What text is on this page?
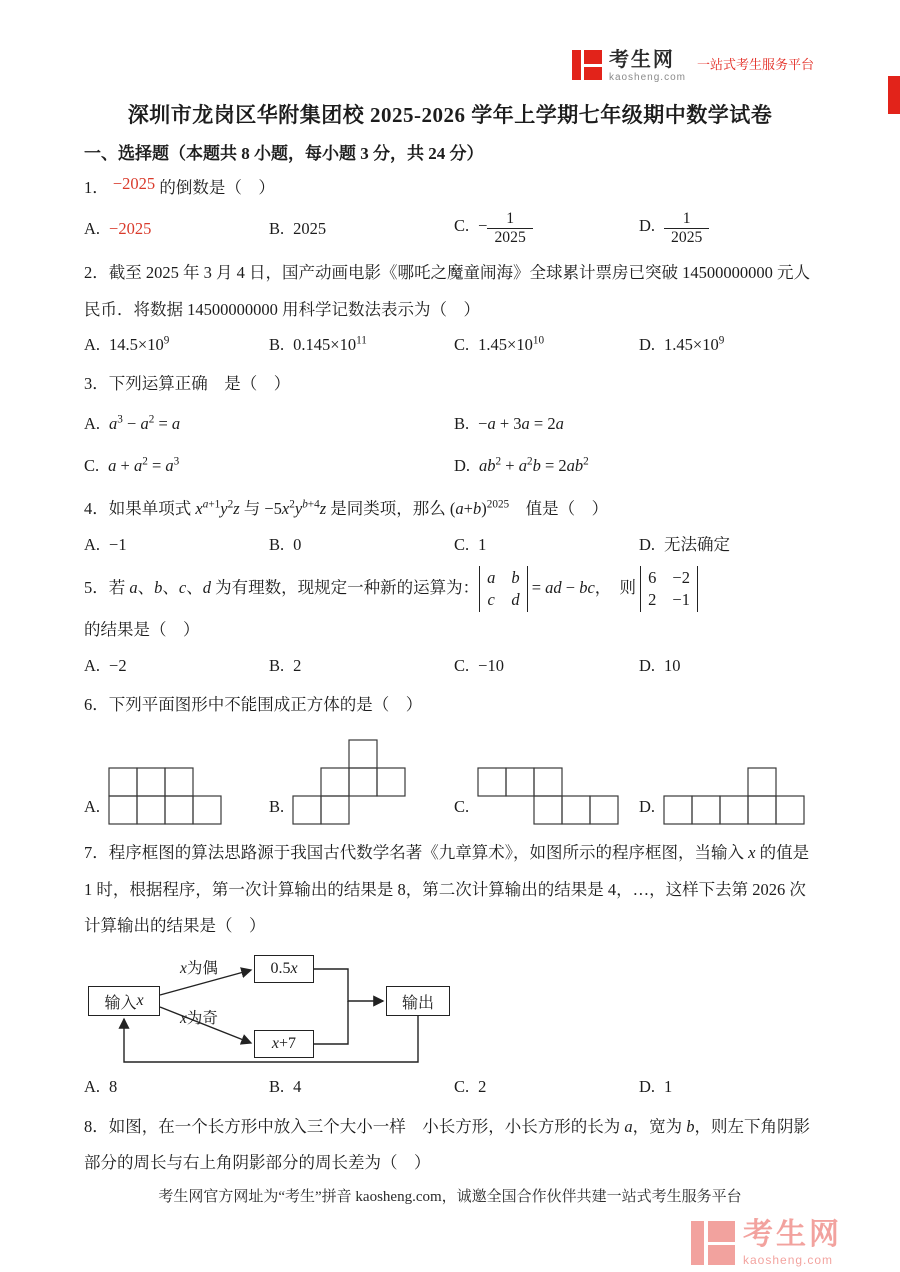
考生网
kaosheng.com
一站式考生服务平台
深圳市龙岗区华附集团校 2025-2026 学年上学期七年级期中数学试卷
一、选择题（本题共 8 小题，每小题 3 分，共 24 分）

1． −2025 的倒数是（ ）

A. −2025	B. 2025	C. − $\frac{1}{2025}$	D. $\frac{1}{2025}$

2．截至 2025 年 3 月 4 日，国产动画电影《哪吒之魔童闹海》全球累计票房已突破 14500000000 元人民币．将数据 14500000000 用科学记数法表示为（ ）

A. $14.5\times 10^9$	B. $0.145\times 10^{11}$	C. $1.45\times 10^{10}$	D. $1.45\times 10^9$

3．下列运算正确 是（ ）

A. $a^3 - a^2 = a$	B. −a + 3a = 2a
C. $a + a^2 = a^3$	D. $ab^2 + a^2b = 2ab^2$

4．如果单项式 $x^{a+1}y^2z$ 与 $-5x^2y^{b+4}z$ 是同类项，那么 $(a+b)^{2025}$ 值是（ ）

A. −1	B. 0	C. 1	D. 无法确定

5．若 a、b、c、d 为有理数，现规定一种新的运算为：
a b
c d
= ad − bc， 则
6 −2
2 −1
的结果是（ ）

A. −2	B. 2	C. −10	D. 10

6．下列平面图形中不能围成正方体的是（ ）

A.	B.	C.	D.

7．程序框图的算法思路源于我国古代数学名著《九章算术》，如图所示的程序框图，当输入 x 的值是 1 时，根据程序，第一次计算输出的结果是 8，第二次计算输出的结果是 4，…，这样下去第 2026 次计算输出的结果是（ ）

输入 x
x为偶	0.5 x
x为奇
x +7
输出
A. 8	B. 4	C. 2	D. 1

8．如图，在一个长方形中放入三个大小一样 小长方形，小长方形的长为 a，宽为 b，则左下角阴影部分的周长与右上角阴影部分的周长差为（ ）

考生网官方网址为“考生”拼音 kaosheng.com，诚邀全国合作伙伴共建一站式考生服务平台
考生网
kaosheng.com
